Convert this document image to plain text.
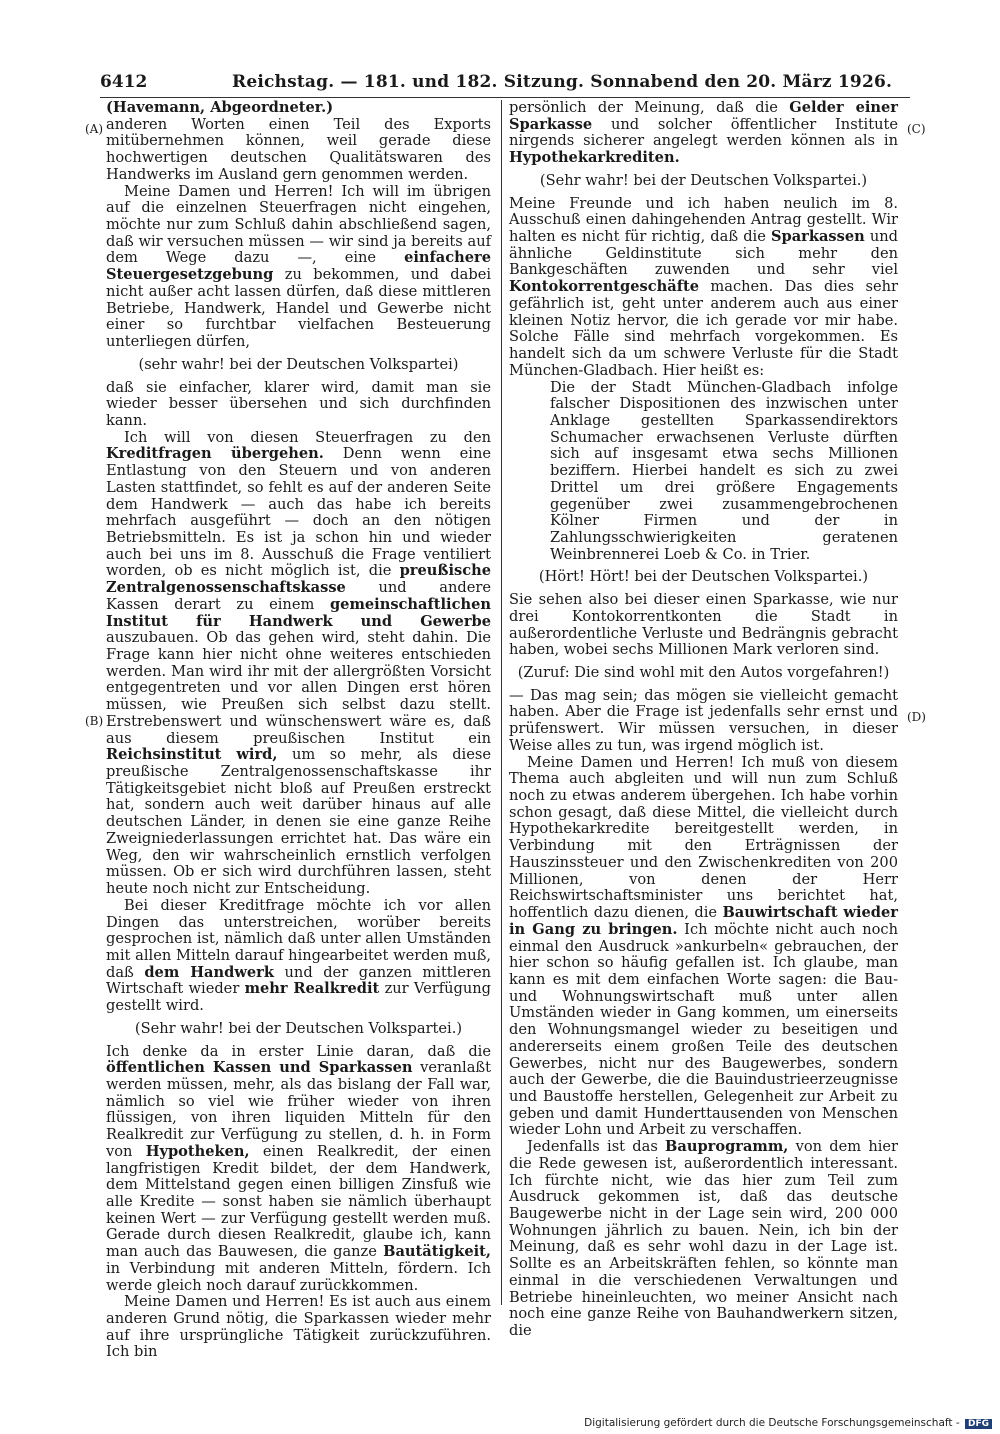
6412	Reichstag. — 181. und 182. Sitzung. Sonnabend den 20. März 1926.
(A)
(B)
(C)
(D)

(Havemann, Abgeordneter.)

anderen Worten einen Teil des Exports mitübernehmen können, weil gerade diese hochwertigen deutschen Qualitätswaren des Handwerks im Ausland gern genommen werden.

Meine Damen und Herren! Ich will im übrigen auf die einzelnen Steuerfragen nicht eingehen, möchte nur zum Schluß dahin abschließend sagen, daß wir versuchen müssen — wir sind ja bereits auf dem Wege dazu —, eine einfachere Steuergesetzgebung zu bekommen, und dabei nicht außer acht lassen dürfen, daß diese mittleren Betriebe, Handwerk, Handel und Gewerbe nicht einer so furchtbar vielfachen Besteuerung unterliegen dürfen,

(sehr wahr! bei der Deutschen Volkspartei)

daß sie einfacher, klarer wird, damit man sie wieder besser übersehen und sich durchfinden kann.

Ich will von diesen Steuerfragen zu den Kreditfragen übergehen. Denn wenn eine Entlastung von den Steuern und von anderen Lasten stattfindet, so fehlt es auf der anderen Seite dem Handwerk — auch das habe ich bereits mehrfach ausgeführt — doch an den nötigen Betriebsmitteln. Es ist ja schon hin und wieder auch bei uns im 8. Ausschuß die Frage ventiliert worden, ob es nicht möglich ist, die preußische Zentralgenossenschaftskasse und andere Kassen derart zu einem gemeinschaftlichen Institut für Handwerk und Gewerbe auszubauen. Ob das gehen wird, steht dahin. Die Frage kann hier nicht ohne weiteres entschieden werden. Man wird ihr mit der allergrößten Vorsicht entgegentreten und vor allen Dingen erst hören müssen, wie Preußen sich selbst dazu stellt. Erstrebenswert und wünschenswert wäre es, daß aus diesem preußischen Institut ein Reichsinstitut wird, um so mehr, als diese preußische Zentralgenossenschaftskasse ihr Tätigkeitsgebiet nicht bloß auf Preußen erstreckt hat, sondern auch weit darüber hinaus auf alle deutschen Länder, in denen sie eine ganze Reihe Zweigniederlassungen errichtet hat. Das wäre ein Weg, den wir wahrscheinlich ernstlich verfolgen müssen. Ob er sich wird durchführen lassen, steht heute noch nicht zur Entscheidung.

Bei dieser Kreditfrage möchte ich vor allen Dingen das unterstreichen, worüber bereits gesprochen ist, nämlich daß unter allen Umständen mit allen Mitteln darauf hingearbeitet werden muß, daß dem Handwerk und der ganzen mittleren Wirtschaft wieder mehr Realkredit zur Verfügung gestellt wird.

(Sehr wahr! bei der Deutschen Volkspartei.)

Ich denke da in erster Linie daran, daß die öffentlichen Kassen und Sparkassen veranlaßt werden müssen, mehr, als das bislang der Fall war, nämlich so viel wie früher wieder von ihren flüssigen, von ihren liquiden Mitteln für den Realkredit zur Verfügung zu stellen, d. h. in Form von Hypotheken, einen Realkredit, der einen langfristigen Kredit bildet, der dem Handwerk, dem Mittelstand gegen einen billigen Zinsfuß wie alle Kredite — sonst haben sie nämlich überhaupt keinen Wert — zur Verfügung gestellt werden muß. Gerade durch diesen Realkredit, glaube ich, kann man auch das Bauwesen, die ganze Bautätigkeit, in Verbindung mit anderen Mitteln, fördern. Ich werde gleich noch darauf zurückkommen.

Meine Damen und Herren! Es ist auch aus einem anderen Grund nötig, die Sparkassen wieder mehr auf ihre ursprüngliche Tätigkeit zurückzuführen. Ich bin

persönlich der Meinung, daß die Gelder einer Sparkasse und solcher öffentlicher Institute nirgends sicherer angelegt werden können als in Hypothekarkrediten.

(Sehr wahr! bei der Deutschen Volkspartei.)

Meine Freunde und ich haben neulich im 8. Ausschuß einen dahingehenden Antrag gestellt. Wir halten es nicht für richtig, daß die Sparkassen und ähnliche Geldinstitute sich mehr den Bankgeschäften zuwenden und sehr viel Kontokorrentgeschäfte machen. Das dies sehr gefährlich ist, geht unter anderem auch aus einer kleinen Notiz hervor, die ich gerade vor mir habe. Solche Fälle sind mehrfach vorgekommen. Es handelt sich da um schwere Verluste für die Stadt München-Gladbach. Hier heißt es:

Die der Stadt München-Gladbach infolge falscher Dispositionen des inzwischen unter Anklage gestellten Sparkassendirektors Schumacher erwachsenen Verluste dürften sich auf insgesamt etwa sechs Millionen beziffern. Hierbei handelt es sich zu zwei Drittel um drei größere Engagements gegenüber zwei zusammengebrochenen Kölner Firmen und der in Zahlungsschwierigkeiten geratenen Weinbrennerei Loeb & Co. in Trier.

(Hört! Hört! bei der Deutschen Volkspartei.)

Sie sehen also bei dieser einen Sparkasse, wie nur drei Kontokorrentkonten die Stadt in außerordentliche Verluste und Bedrängnis gebracht haben, wobei sechs Millionen Mark verloren sind.

(Zuruf: Die sind wohl mit den Autos vorgefahren!)

— Das mag sein; das mögen sie vielleicht gemacht haben. Aber die Frage ist jedenfalls sehr ernst und prüfenswert. Wir müssen versuchen, in dieser Weise alles zu tun, was irgend möglich ist.

Meine Damen und Herren! Ich muß von diesem Thema auch abgleiten und will nun zum Schluß noch zu etwas anderem übergehen. Ich habe vorhin schon gesagt, daß diese Mittel, die vielleicht durch Hypothekarkredite bereitgestellt werden, in Verbindung mit den Erträgnissen der Hauszinssteuer und den Zwischenkrediten von 200 Millionen, von denen der Herr Reichswirtschaftsminister uns berichtet hat, hoffentlich dazu dienen, die Bauwirtschaft wieder in Gang zu bringen. Ich möchte nicht auch noch einmal den Ausdruck »ankurbeln« gebrauchen, der hier schon so häufig gefallen ist. Ich glaube, man kann es mit dem einfachen Worte sagen: die Bau- und Wohnungswirtschaft muß unter allen Umständen wieder in Gang kommen, um einerseits den Wohnungsmangel wieder zu beseitigen und andererseits einem großen Teile des deutschen Gewerbes, nicht nur des Baugewerbes, sondern auch der Gewerbe, die die Bauindustrieerzeugnisse und Baustoffe herstellen, Gelegenheit zur Arbeit zu geben und damit Hunderttausenden von Menschen wieder Lohn und Arbeit zu verschaffen.

Jedenfalls ist das Bauprogramm, von dem hier die Rede gewesen ist, außerordentlich interessant. Ich fürchte nicht, wie das hier zum Teil zum Ausdruck gekommen ist, daß das deutsche Baugewerbe nicht in der Lage sein wird, 200 000 Wohnungen jährlich zu bauen. Nein, ich bin der Meinung, daß es sehr wohl dazu in der Lage ist. Sollte es an Arbeitskräften fehlen, so könnte man einmal in die verschiedenen Verwaltungen und Betriebe hineinleuchten, wo meiner Ansicht nach noch eine ganze Reihe von Bauhandwerkern sitzen, die

Digitalisierung gefördert durch die Deutsche Forschungsgemeinschaft - DFG
